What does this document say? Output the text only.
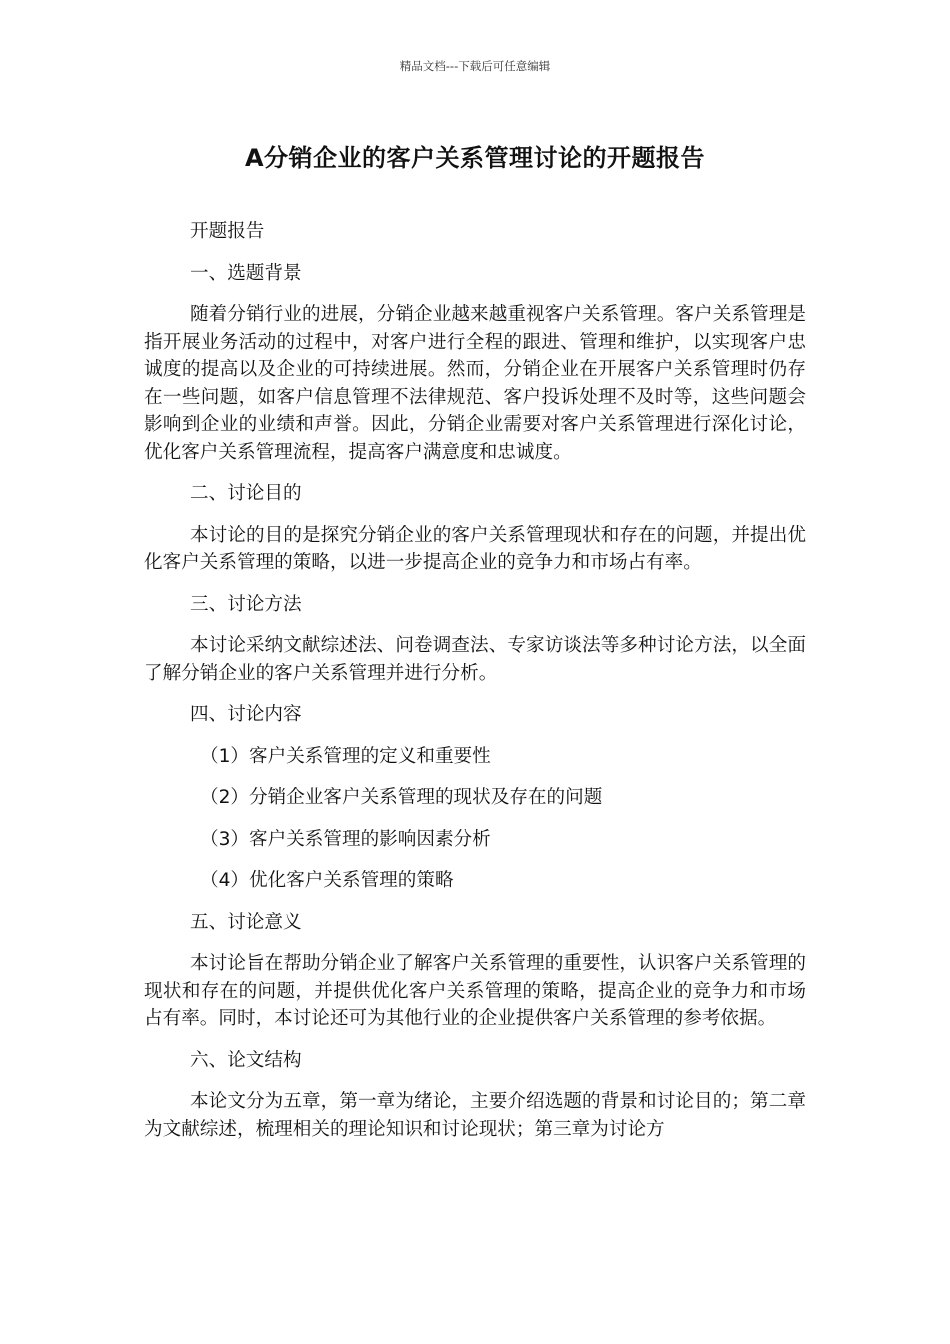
精品文档---下载后可任意编辑
A分销企业的客户关系管理讨论的开题报告

开题报告

一、选题背景

随着分销行业的进展，分销企业越来越重视客户关系管理。客户关系管理是指开展业务活动的过程中，对客户进行全程的跟进、管理和维护，以实现客户忠诚度的提高以及企业的可持续进展。然而，分销企业在开展客户关系管理时仍存在一些问题，如客户信息管理不法律规范、客户投诉处理不及时等，这些问题会影响到企业的业绩和声誉。因此，分销企业需要对客户关系管理进行深化讨论，优化客户关系管理流程，提高客户满意度和忠诚度。

二、讨论目的

本讨论的目的是探究分销企业的客户关系管理现状和存在的问题，并提出优化客户关系管理的策略，以进一步提高企业的竞争力和市场占有率。

三、讨论方法

本讨论采纳文献综述法、问卷调查法、专家访谈法等多种讨论方法，以全面了解分销企业的客户关系管理并进行分析。

四、讨论内容

（1）客户关系管理的定义和重要性

（2）分销企业客户关系管理的现状及存在的问题

（3）客户关系管理的影响因素分析

（4）优化客户关系管理的策略

五、讨论意义

本讨论旨在帮助分销企业了解客户关系管理的重要性，认识客户关系管理的现状和存在的问题，并提供优化客户关系管理的策略，提高企业的竞争力和市场占有率。同时，本讨论还可为其他行业的企业提供客户关系管理的参考依据。

六、论文结构

本论文分为五章，第一章为绪论，主要介绍选题的背景和讨论目的；第二章为文献综述，梳理相关的理论知识和讨论现状；第三章为讨论方
